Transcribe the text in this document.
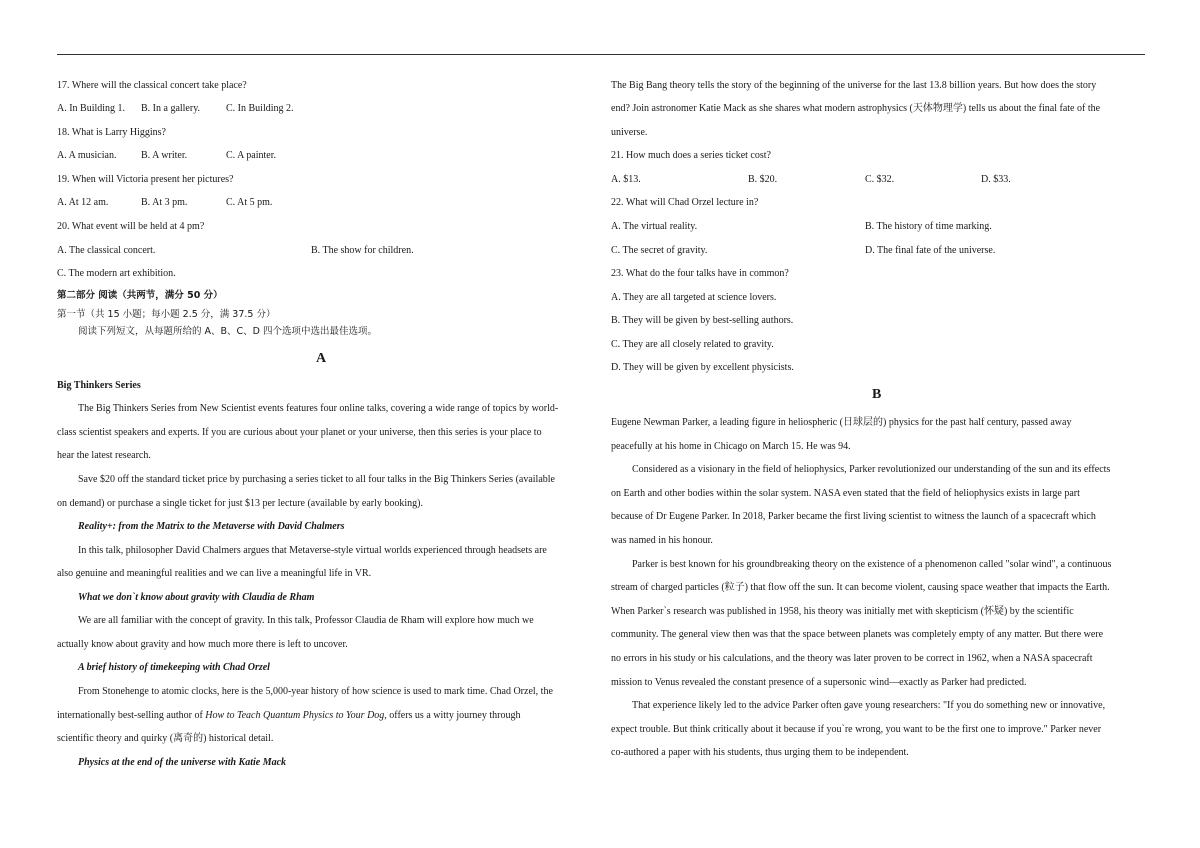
17. Where will the classical concert take place?
A. In Building 1.	B. In a gallery.	C. In Building 2.
18. What is Larry Higgins?
A. A musician.	B. A writer.	C. A painter.
19. When will Victoria present her pictures?
A. At 12 am.	B. At 3 pm.	C. At 5 pm.
20. What event will be held at 4 pm?
A. The classical concert.	B. The show for children.
C. The modern art exhibition.
第二部分 阅读（共两节，满分 50 分）
第一节（共 15 小题；每小题 2.5 分，满 37.5 分）
阅读下列短文，从每题所给的 A、B、C、D 四个选项中选出最佳选项。
A
Big Thinkers Series
The Big Thinkers Series from New Scientist events features four online talks, covering a wide range of topics by world-
class scientist speakers and experts. If you are curious about your planet or your universe, then this series is your place to
hear the latest research.
Save $20 off the standard ticket price by purchasing a series ticket to all four talks in the Big Thinkers Series (available
on demand) or purchase a single ticket for just $13 per lecture (available by early booking).
Reality+: from the Matrix to the Metaverse with David Chalmers
In this talk, philosopher David Chalmers argues that Metaverse-style virtual worlds experienced through headsets are
also genuine and meaningful realities and we can live a meaningful life in VR.
What we don`t know about gravity with Claudia de Rham
We are all familiar with the concept of gravity. In this talk, Professor Claudia de Rham will explore how much we
actually know about gravity and how much more there is left to uncover.
A brief history of timekeeping with Chad Orzel
From Stonehenge to atomic clocks, here is the 5,000-year history of how science is used to mark time. Chad Orzel, the
internationally best-selling author of How to Teach Quantum Physics to Your Dog, offers us a witty journey through
scientific theory and quirky (离奇的) historical detail.
Physics at the end of the universe with Katie Mack
The Big Bang theory tells the story of the beginning of the universe for the last 13.8 billion years. But how does the story
end? Join astronomer Katie Mack as she shares what modern astrophysics (天体物理学) tells us about the final fate of the
universe.
21. How much does a series ticket cost?
A. $13.	B. $20.	C. $32.	D. $33.
22. What will Chad Orzel lecture in?
A. The virtual reality.	B. The history of time marking.
C. The secret of gravity.	D. The final fate of the universe.
23. What do the four talks have in common?
A. They are all targeted at science lovers.
B. They will be given by best-selling authors.
C. They are all closely related to gravity.
D. They will be given by excellent physicists.
B
Eugene Newman Parker, a leading figure in heliospheric (日球层的) physics for the past half century, passed away
peacefully at his home in Chicago on March 15. He was 94.
Considered as a visionary in the field of heliophysics, Parker revolutionized our understanding of the sun and its effects
on Earth and other bodies within the solar system. NASA even stated that the field of heliophysics exists in large part
because of Dr Eugene Parker. In 2018, Parker became the first living scientist to witness the launch of a spacecraft which
was named in his honour.
Parker is best known for his groundbreaking theory on the existence of a phenomenon called "solar wind", a continuous
stream of charged particles (粒子) that flow off the sun. It can become violent, causing space weather that impacts the Earth.
When Parker`s research was published in 1958, his theory was initially met with skepticism (怀疑) by the scientific
community. The general view then was that the space between planets was completely empty of any matter. But there were
no errors in his study or his calculations, and the theory was later proven to be correct in 1962, when a NASA spacecraft
mission to Venus revealed the constant presence of a supersonic wind—exactly as Parker had predicted.
That experience likely led to the advice Parker often gave young researchers: "If you do something new or innovative,
expect trouble. But think critically about it because if you`re wrong, you want to be the first one to improve." Parker never
co-authored a paper with his students, thus urging them to be independent.
